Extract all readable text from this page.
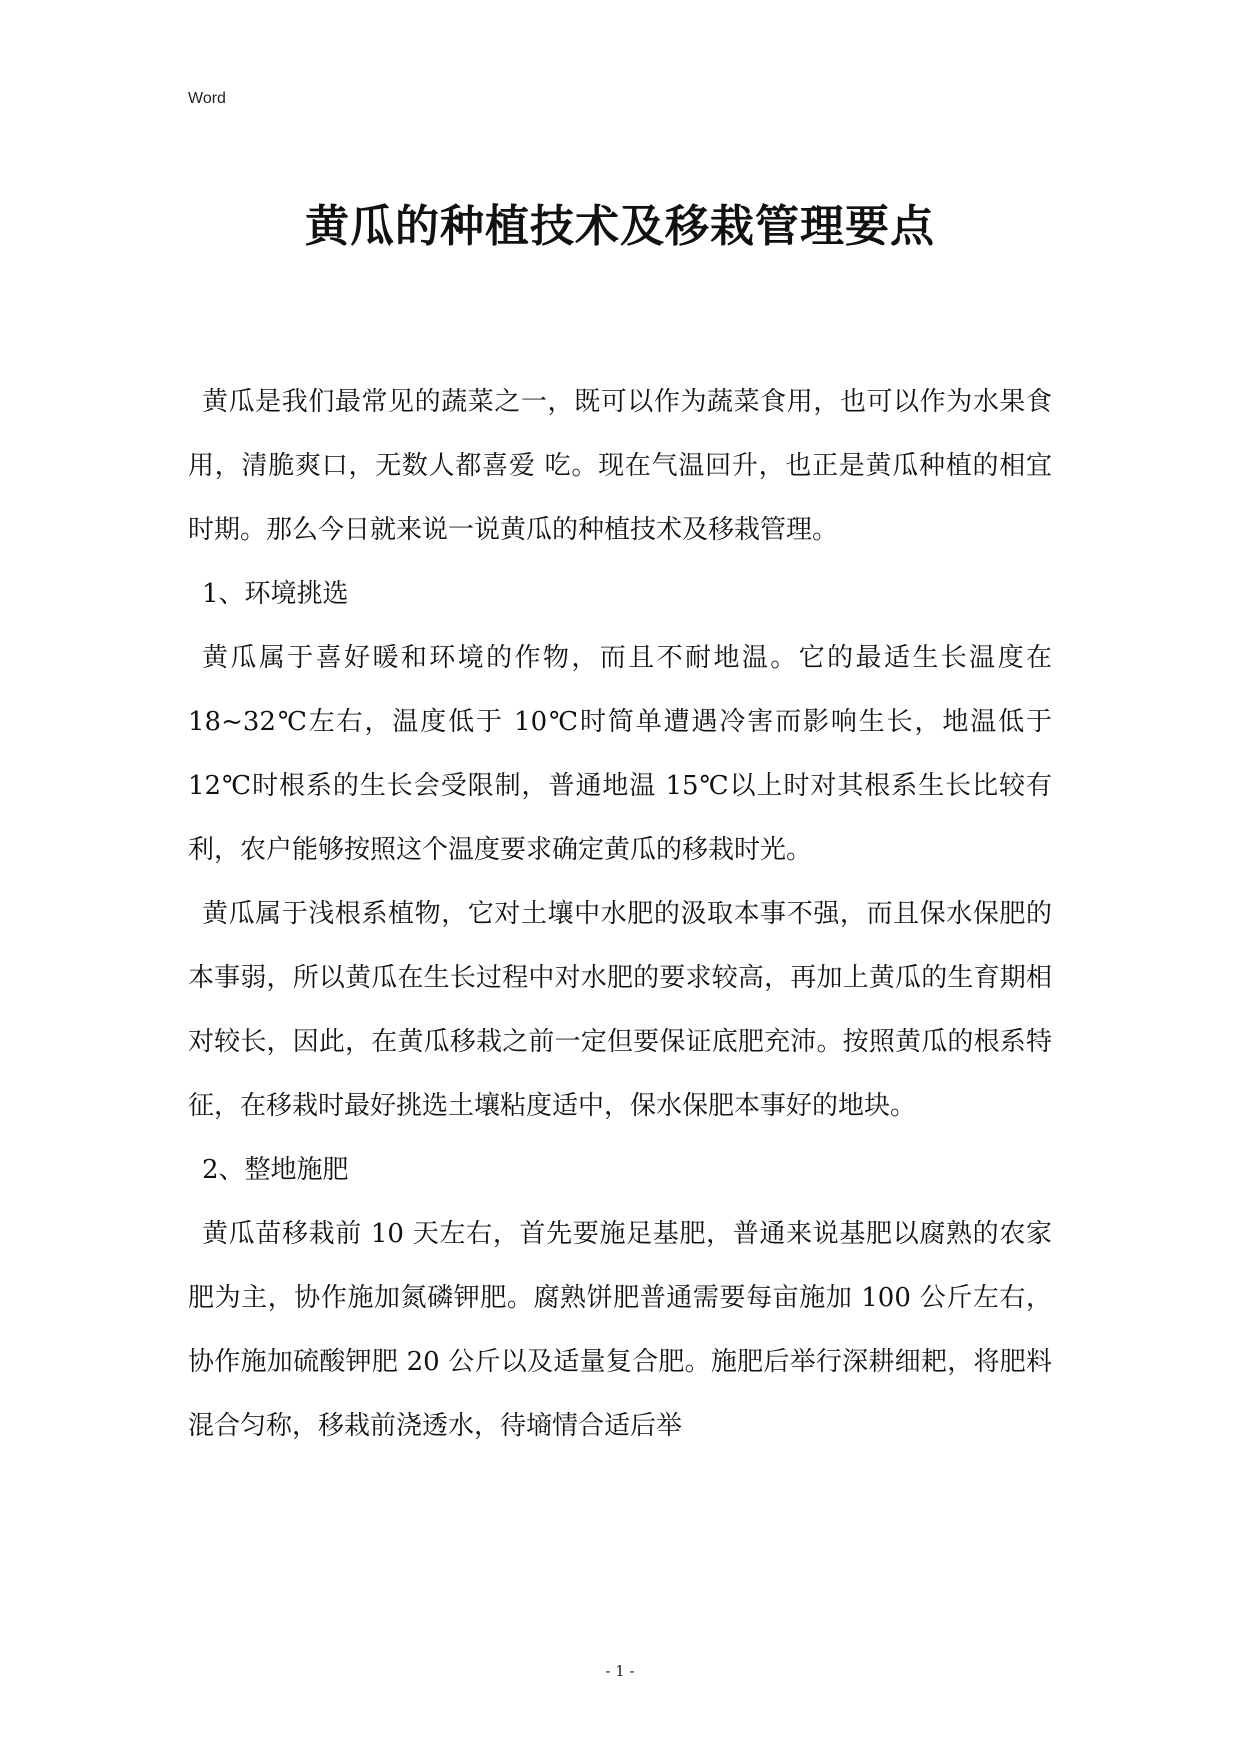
Word
黄瓜的种植技术及移栽管理要点

黄瓜是我们最常见的蔬菜之一，既可以作为蔬菜食用，也可以作为水果食用，清脆爽口，无数人都喜爱 吃。现在气温回升，也正是黄瓜种植的相宜时期。那么今日就来说一说黄瓜的种植技术及移栽管理。

1、环境挑选

黄瓜属于喜好暖和环境的作物，而且不耐地温。它的最适生长温度在 18~32℃左右，温度低于 10℃时简单遭遇冷害而影响生长，地温低于 12℃时根系的生长会受限制，普通地温 15℃以上时对其根系生长比较有利，农户能够按照这个温度要求确定黄瓜的移栽时光。

黄瓜属于浅根系植物，它对土壤中水肥的汲取本事不强，而且保水保肥的本事弱，所以黄瓜在生长过程中对水肥的要求较高，再加上黄瓜的生育期相对较长，因此，在黄瓜移栽之前一定但要保证底肥充沛。按照黄瓜的根系特征，在移栽时最好挑选土壤粘度适中，保水保肥本事好的地块。

2、整地施肥

黄瓜苗移栽前 10 天左右，首先要施足基肥，普通来说基肥以腐熟的农家肥为主，协作施加氮磷钾肥。腐熟饼肥普通需要每亩施加 100 公斤左右，协作施加硫酸钾肥 20 公斤以及适量复合肥。施肥后举行深耕细耙，将肥料混合匀称，移栽前浇透水，待墒情合适后举

- 1 -
